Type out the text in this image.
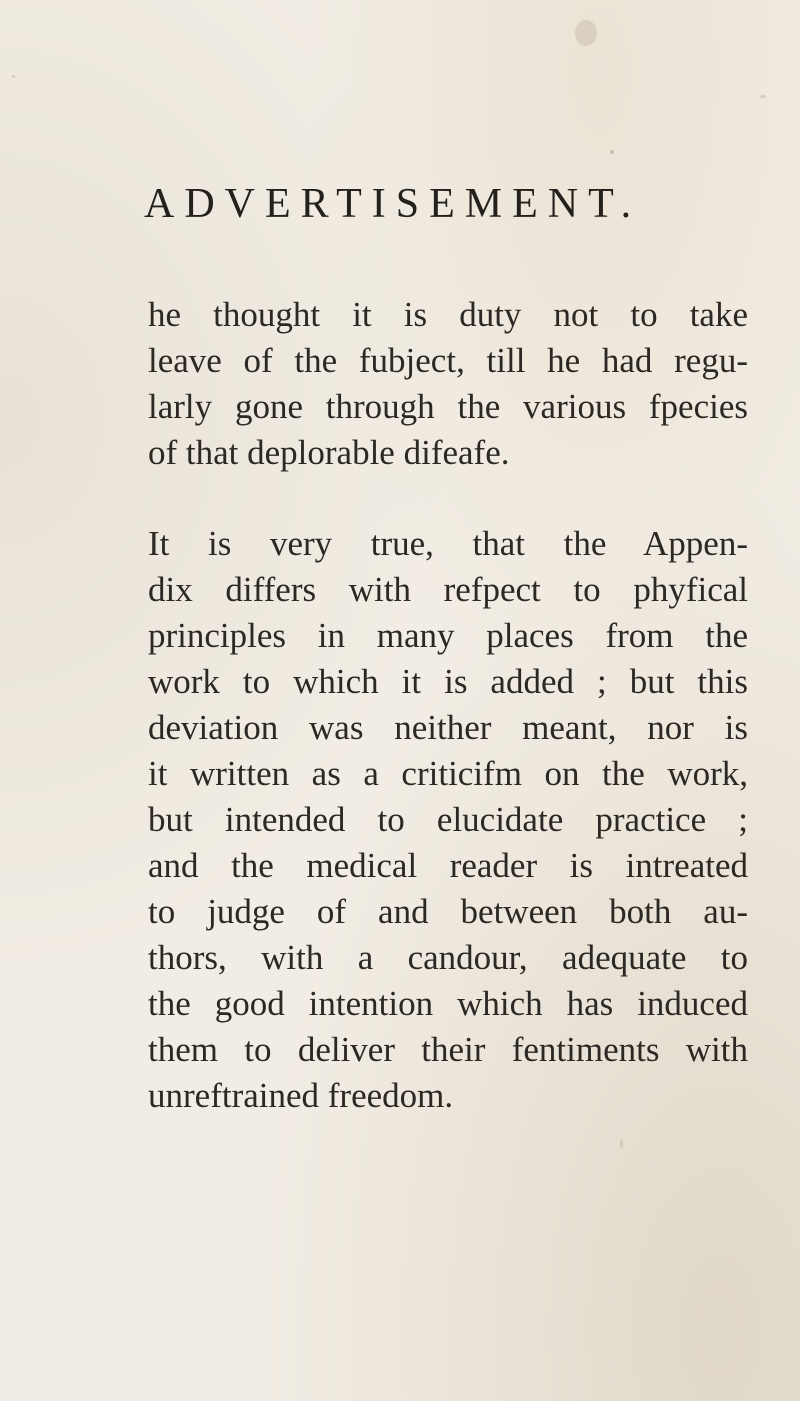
ADVERTISEMENT.
he thought it is duty not to take
leave of the fubject, till he had regu-
larly gone through the various fpecies
of that deplorable difeafe.
It is very true, that the Appen-
dix differs with refpect to phyfical
principles in many places from the
work to which it is added ; but this
deviation was neither meant, nor is
it written as a criticifm on the work,
but intended to elucidate practice ;
and the medical reader is intreated
to judge of and between both au-
thors, with a candour, adequate to
the good intention which has induced
them to deliver their fentiments with
unreftrained freedom.
